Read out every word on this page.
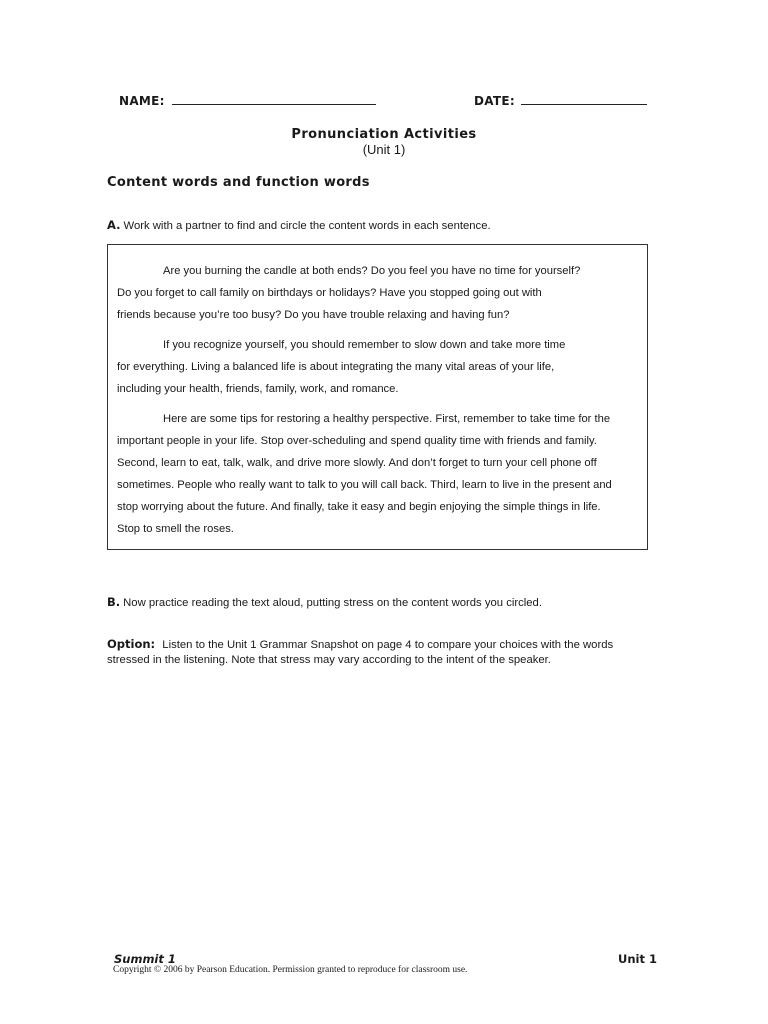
NAME:	DATE:
Pronunciation Activities
(Unit 1)
Content words and function words
A. Work with a partner to find and circle the content words in each sentence.

Are you burning the candle at both ends? Do you feel you have no time for yourself?
Do you forget to call family on birthdays or holidays? Have you stopped going out with
friends because you’re too busy? Do you have trouble relaxing and having fun?

If you recognize yourself, you should remember to slow down and take more time
for everything. Living a balanced life is about integrating the many vital areas of your life,
including your health, friends, family, work, and romance.

Here are some tips for restoring a healthy perspective. First, remember to take time for the
important people in your life. Stop over-scheduling and spend quality time with friends and family.
Second, learn to eat, talk, walk, and drive more slowly. And don’t forget to turn your cell phone off
sometimes. People who really want to talk to you will call back. Third, learn to live in the present and
stop worrying about the future. And finally, take it easy and begin enjoying the simple things in life.
Stop to smell the roses.

B. Now practice reading the text aloud, putting stress on the content words you circled.
Option: Listen to the Unit 1 Grammar Snapshot on page 4 to compare your choices with the words
stressed in the listening. Note that stress may vary according to the intent of the speaker.
Summit 1	Unit 1
Copyright © 2006 by Pearson Education. Permission granted to reproduce for classroom use.
